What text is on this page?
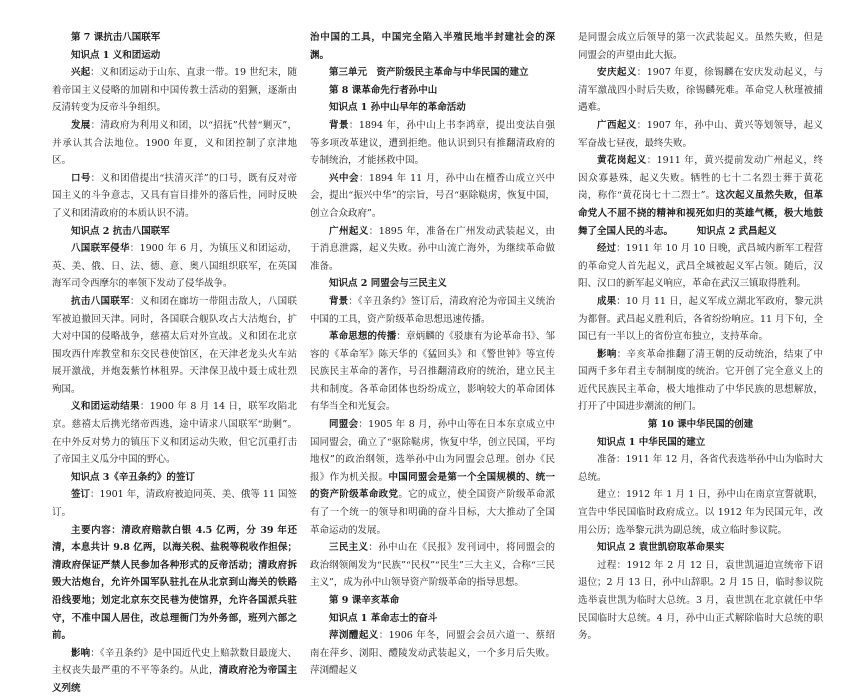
第 7 课抗击八国联军

知识点 1 义和团运动

兴起：义和团运动于山东、直隶一带。19 世纪末，随着帝国主义侵略的加剧和中国传教士活动的猖獗，逐渐由反清转变为反帝斗争组织。

发展：清政府为利用义和团，以“招抚”代替“剿灭”，并承认其合法地位。1900 年夏，义和团控制了京津地区。

口号：义和团借提出“扶清灭洋”的口号，既有反对帝国主义的斗争意志，又具有盲目排外的落后性，同时反映了义和团清政府的本质认识不清。

知识点 2 抗击八国联军

八国联军侵华：1900 年 6 月，为镇压义和团运动，英、美、俄、日、法、德、意、奥八国组织联军，在英国海军司令西摩尔的率领下发动了侵华战争。

抗击八国联军：义和团在廊坊一带阻击敌人，八国联军被迫撤回天津。同时，各国联合舰队攻占大沽炮台，扩大对中国的侵略战争，慈禧太后对外宣战。义和团在北京围攻西什库教堂和东交民巷使馆区，在天津老龙头火车站展开激战，并炮轰紫竹林租界。天津保卫战中聂士成壮烈殉国。

义和团运动结果：1900 年 8 月 14 日，联军攻陷北京。慈禧太后携光绪帝西逃，途中请求八国联军“助剿”。在中外反对势力的镇压下义和团运动失败，但它沉重打击了帝国主义瓜分中国的野心。

知识点 3《辛丑条约》的签订

签订：1901 年，清政府被迫同英、美、俄等 11 国签订。

主要内容：清政府赔款白银 4.5 亿两，分 39 年还清，本息共计 9.8 亿两，以海关税、盐税等税收作担保；清政府保证严禁人民参加各种形式的反帝活动；清政府拆毁大沽炮台，允许外国军队驻扎在从北京到山海关的铁路沿线要地；划定北京东交民巷为使馆界，允许各国派兵驻守，不准中国人居住，改总理衙门为外务部，班列六部之前。

影响：《辛丑条约》是中国近代史上赔款数目最庞大、主权丧失最严重的不平等条约。从此，清政府沦为帝国主义列统

治中国的工具，中国完全陷入半殖民地半封建社会的深渊。

第三单元　资产阶级民主革命与中华民国的建立

第 8 课革命先行者孙中山

知识点 1 孙中山早年的革命活动

背景：1894 年，孙中山上书李鸿章，提出变法自强等多项改革建议，遭到拒绝。他认识到只有推翻清政府的专制统治，才能拯救中国。

兴中会：1894 年 11 月，孙中山在檀香山成立兴中会，提出“振兴中华”的宗旨，号召“驱除鞑虏，恢复中国，创立合众政府”。

广州起义：1895 年，准备在广州发动武装起义，由于消息泄露，起义失败。孙中山流亡海外，为继续革命做准备。

知识点 2 同盟会与三民主义

背景：《辛丑条约》签订后，清政府沦为帝国主义统治中国的工具，资产阶级革命思想迅速传播。

革命思想的传播：章炳麟的《驳康有为论革命书》、邹容的《革命军》陈天华的《猛回头》和《警世钟》等宣传民族民主革命的著作，号召推翻清政府的统治，建立民主共和制度。各革命团体也纷纷成立，影响较大的革命团体有华当全和光复会。

同盟会：1905 年 8 月，孙中山等在日本东京成立中国同盟会，确立了“驱除鞑虏，恢复中华，创立民国，平均地权”的政治纲领，选举孙中山为同盟会总理。创办《民报》作为机关报。中国同盟会是第一个全国规模的、统一的资产阶级革命政党。它的成立，使全国资产阶级革命派有了一个统一的领导和明确的奋斗目标，大大推动了全国革命运动的发展。

三民主义：孙中山在《民报》发刊词中，将同盟会的政治纲领阐发为“民族”“民权”“民生”三大主义，合称“三民主义”，成为孙中山领导资产阶级革命的指导思想。

第 9 课辛亥革命

知识点 1 革命志士的奋斗

萍浏醴起义：1906 年冬，同盟会会员六道一、蔡绍南在萍乡、浏阳、醴陵发动武装起义，一个多月后失败。萍浏醴起义

是同盟会成立后领导的第一次武装起义。虽然失败，但是同盟会的声望由此大振。

安庆起义：1907 年夏，徐锡麟在安庆发动起义，与清军激战四小时后失败，徐锡麟死难。革命党人秋瑾被捕遇难。

广西起义：1907 年，孙中山、黄兴等划领导，起义军奋战七昼夜，最终失败。

黄花岗起义：1911 年，黄兴提前发动广州起义，终因众寡悬殊，起义失败。牺牲的七十二名烈士葬于黄花岗，称作“黄花岗七十二烈士”。这次起义虽然失败，但革命党人不屈不挠的精神和视死如归的英雄气概，极大地鼓舞了全国人民的斗志。　　　知识点 2 武昌起义

经过：1911 年 10 月 10 日晚，武昌城内新军工程营的革命党人首先起义，武昌全城被起义军占领。随后，汉阳、汉口的新军起义响应，革命在武汉三镇取得胜利。

成果：10 月 11 日，起义军成立湖北军政府，黎元洪为都督。武昌起义胜利后，各省纷纷响应。11 月下旬，全国已有一半以上的省份宣布独立，支持革命。

影响：辛亥革命推翻了清王朝的反动统治，结束了中国两千多年君主专制制度的统治。它开创了完全意义上的近代民族民主革命，极大地推动了中华民族的思想解放，打开了中国进步潮流的闸门。

第 10 课中华民国的创建

知识点 1 中华民国的建立

准备：1911 年 12 月，各省代表选举孙中山为临时大总统。

建立：1912 年 1 月 1 日，孙中山在南京宣誓就职，宣告中华民国临时政府成立。以 1912 年为民国元年，改用公历；选举黎元洪为副总统，成立临时参议院。

知识点 2 袁世凯窃取革命果实

过程：1912 年 2 月 12 日，袁世凯逼迫宣统帝下诏退位；2 月 13 日，孙中山辞职。2 月 15 日，临时参议院选举袁世凯为临时大总统。3 月，袁世凯在北京就任中华民国临时大总统。4 月，孙中山正式解除临时大总统的职务。
